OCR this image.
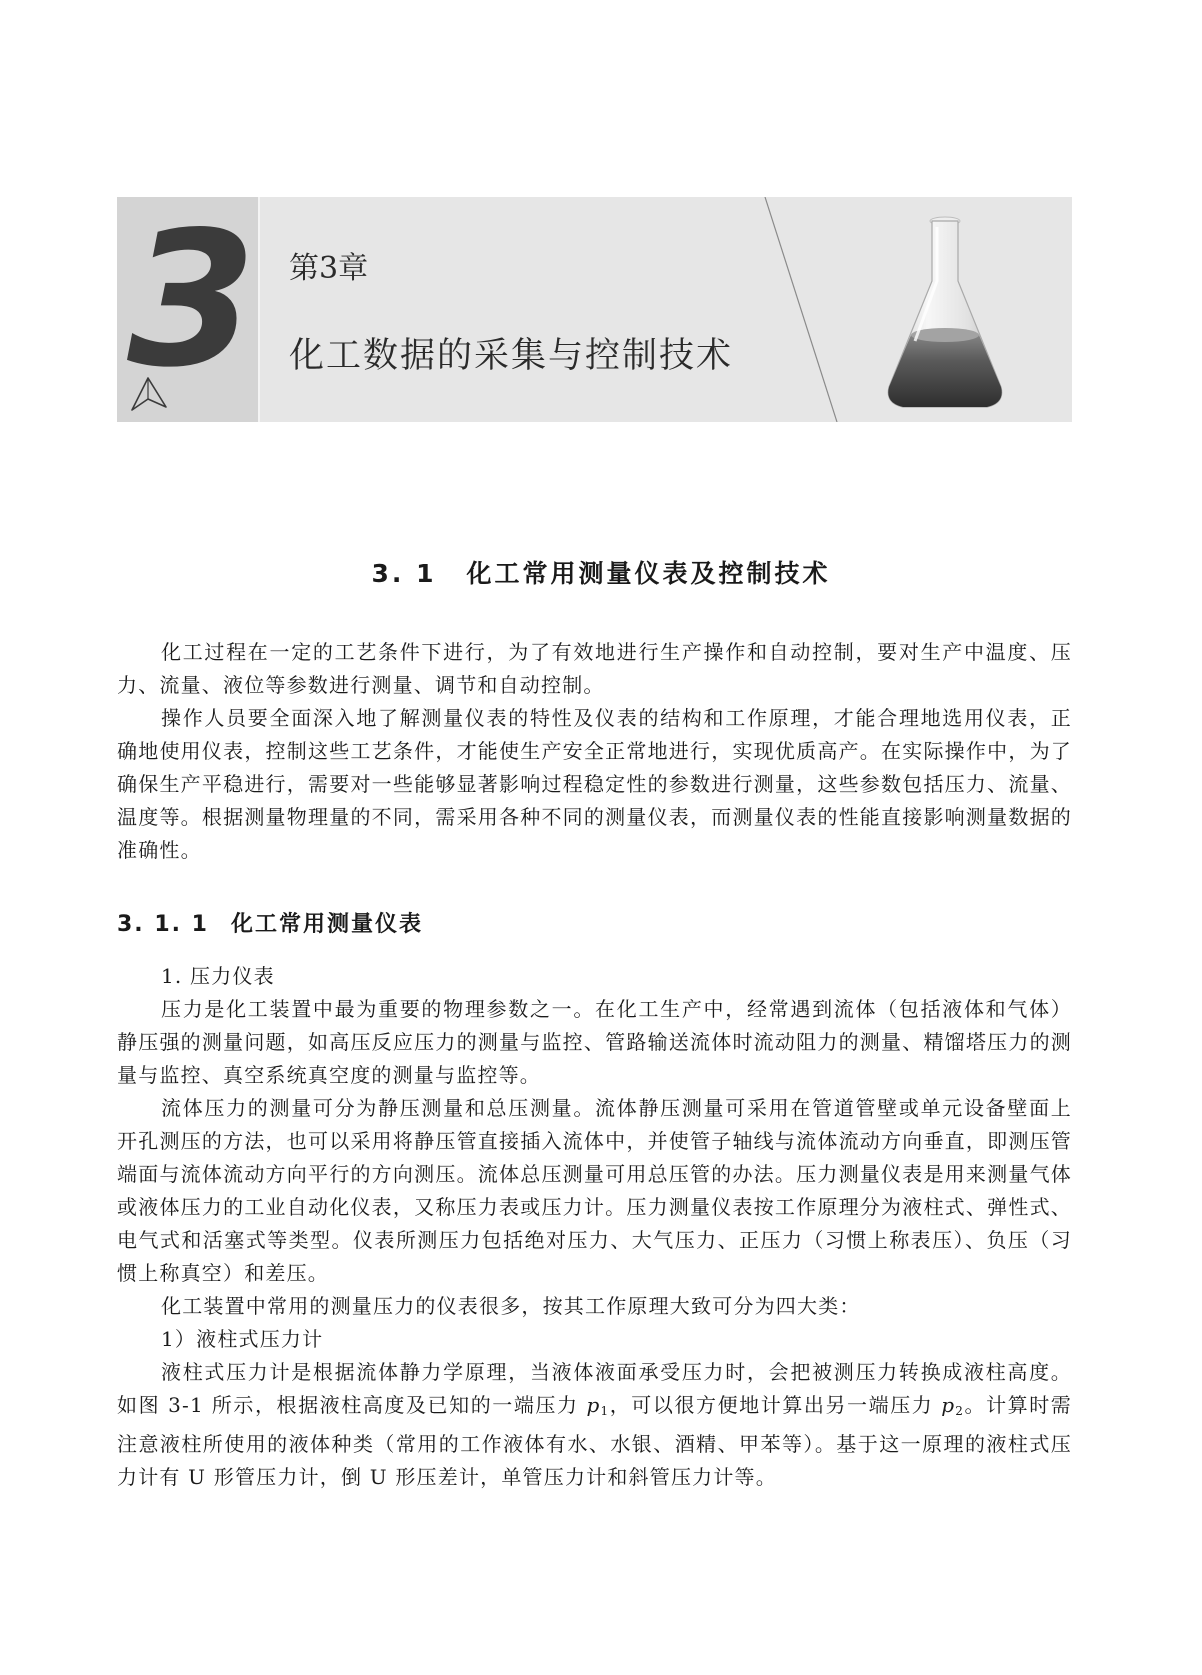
3 第3章
化工数据的采集与控制技术
3. 1 化工常用测量仪表及控制技术

化工过程在一定的工艺条件下进行，为了有效地进行生产操作和自动控制，要对生产中温度、压力、流量、液位等参数进行测量、调节和自动控制。

操作人员要全面深入地了解测量仪表的特性及仪表的结构和工作原理，才能合理地选用仪表，正确地使用仪表，控制这些工艺条件，才能使生产安全正常地进行，实现优质高产。在实际操作中，为了确保生产平稳进行，需要对一些能够显著影响过程稳定性的参数进行测量，这些参数包括压力、流量、温度等。根据测量物理量的不同，需采用各种不同的测量仪表，而测量仪表的性能直接影响测量数据的准确性。

3. 1. 1 化工常用测量仪表

1. 压力仪表

压力是化工装置中最为重要的物理参数之一。在化工生产中，经常遇到流体（包括液体和气体）静压强的测量问题，如高压反应压力的测量与监控、管路输送流体时流动阻力的测量、精馏塔压力的测量与监控、真空系统真空度的测量与监控等。

流体压力的测量可分为静压测量和总压测量。流体静压测量可采用在管道管壁或单元设备壁面上开孔测压的方法，也可以采用将静压管直接插入流体中，并使管子轴线与流体流动方向垂直，即测压管端面与流体流动方向平行的方向测压。流体总压测量可用总压管的办法。压力测量仪表是用来测量气体或液体压力的工业自动化仪表，又称压力表或压力计。压力测量仪表按工作原理分为液柱式、弹性式、电气式和活塞式等类型。仪表所测压力包括绝对压力、大气压力、正压力（习惯上称表压）、负压（习惯上称真空）和差压。

化工装置中常用的测量压力的仪表很多，按其工作原理大致可分为四大类：

1）液柱式压力计

液柱式压力计是根据流体静力学原理，当液体液面承受压力时，会把被测压力转换成液柱高度。如图 3-1 所示，根据液柱高度及已知的一端压力 $p_1$，可以很方便地计算出另一端压力 $p_2$。计算时需注意液柱所使用的液体种类（常用的工作液体有水、水银、酒精、甲苯等）。基于这一原理的液柱式压力计有 U 形管压力计，倒 U 形压差计，单管压力计和斜管压力计等。
